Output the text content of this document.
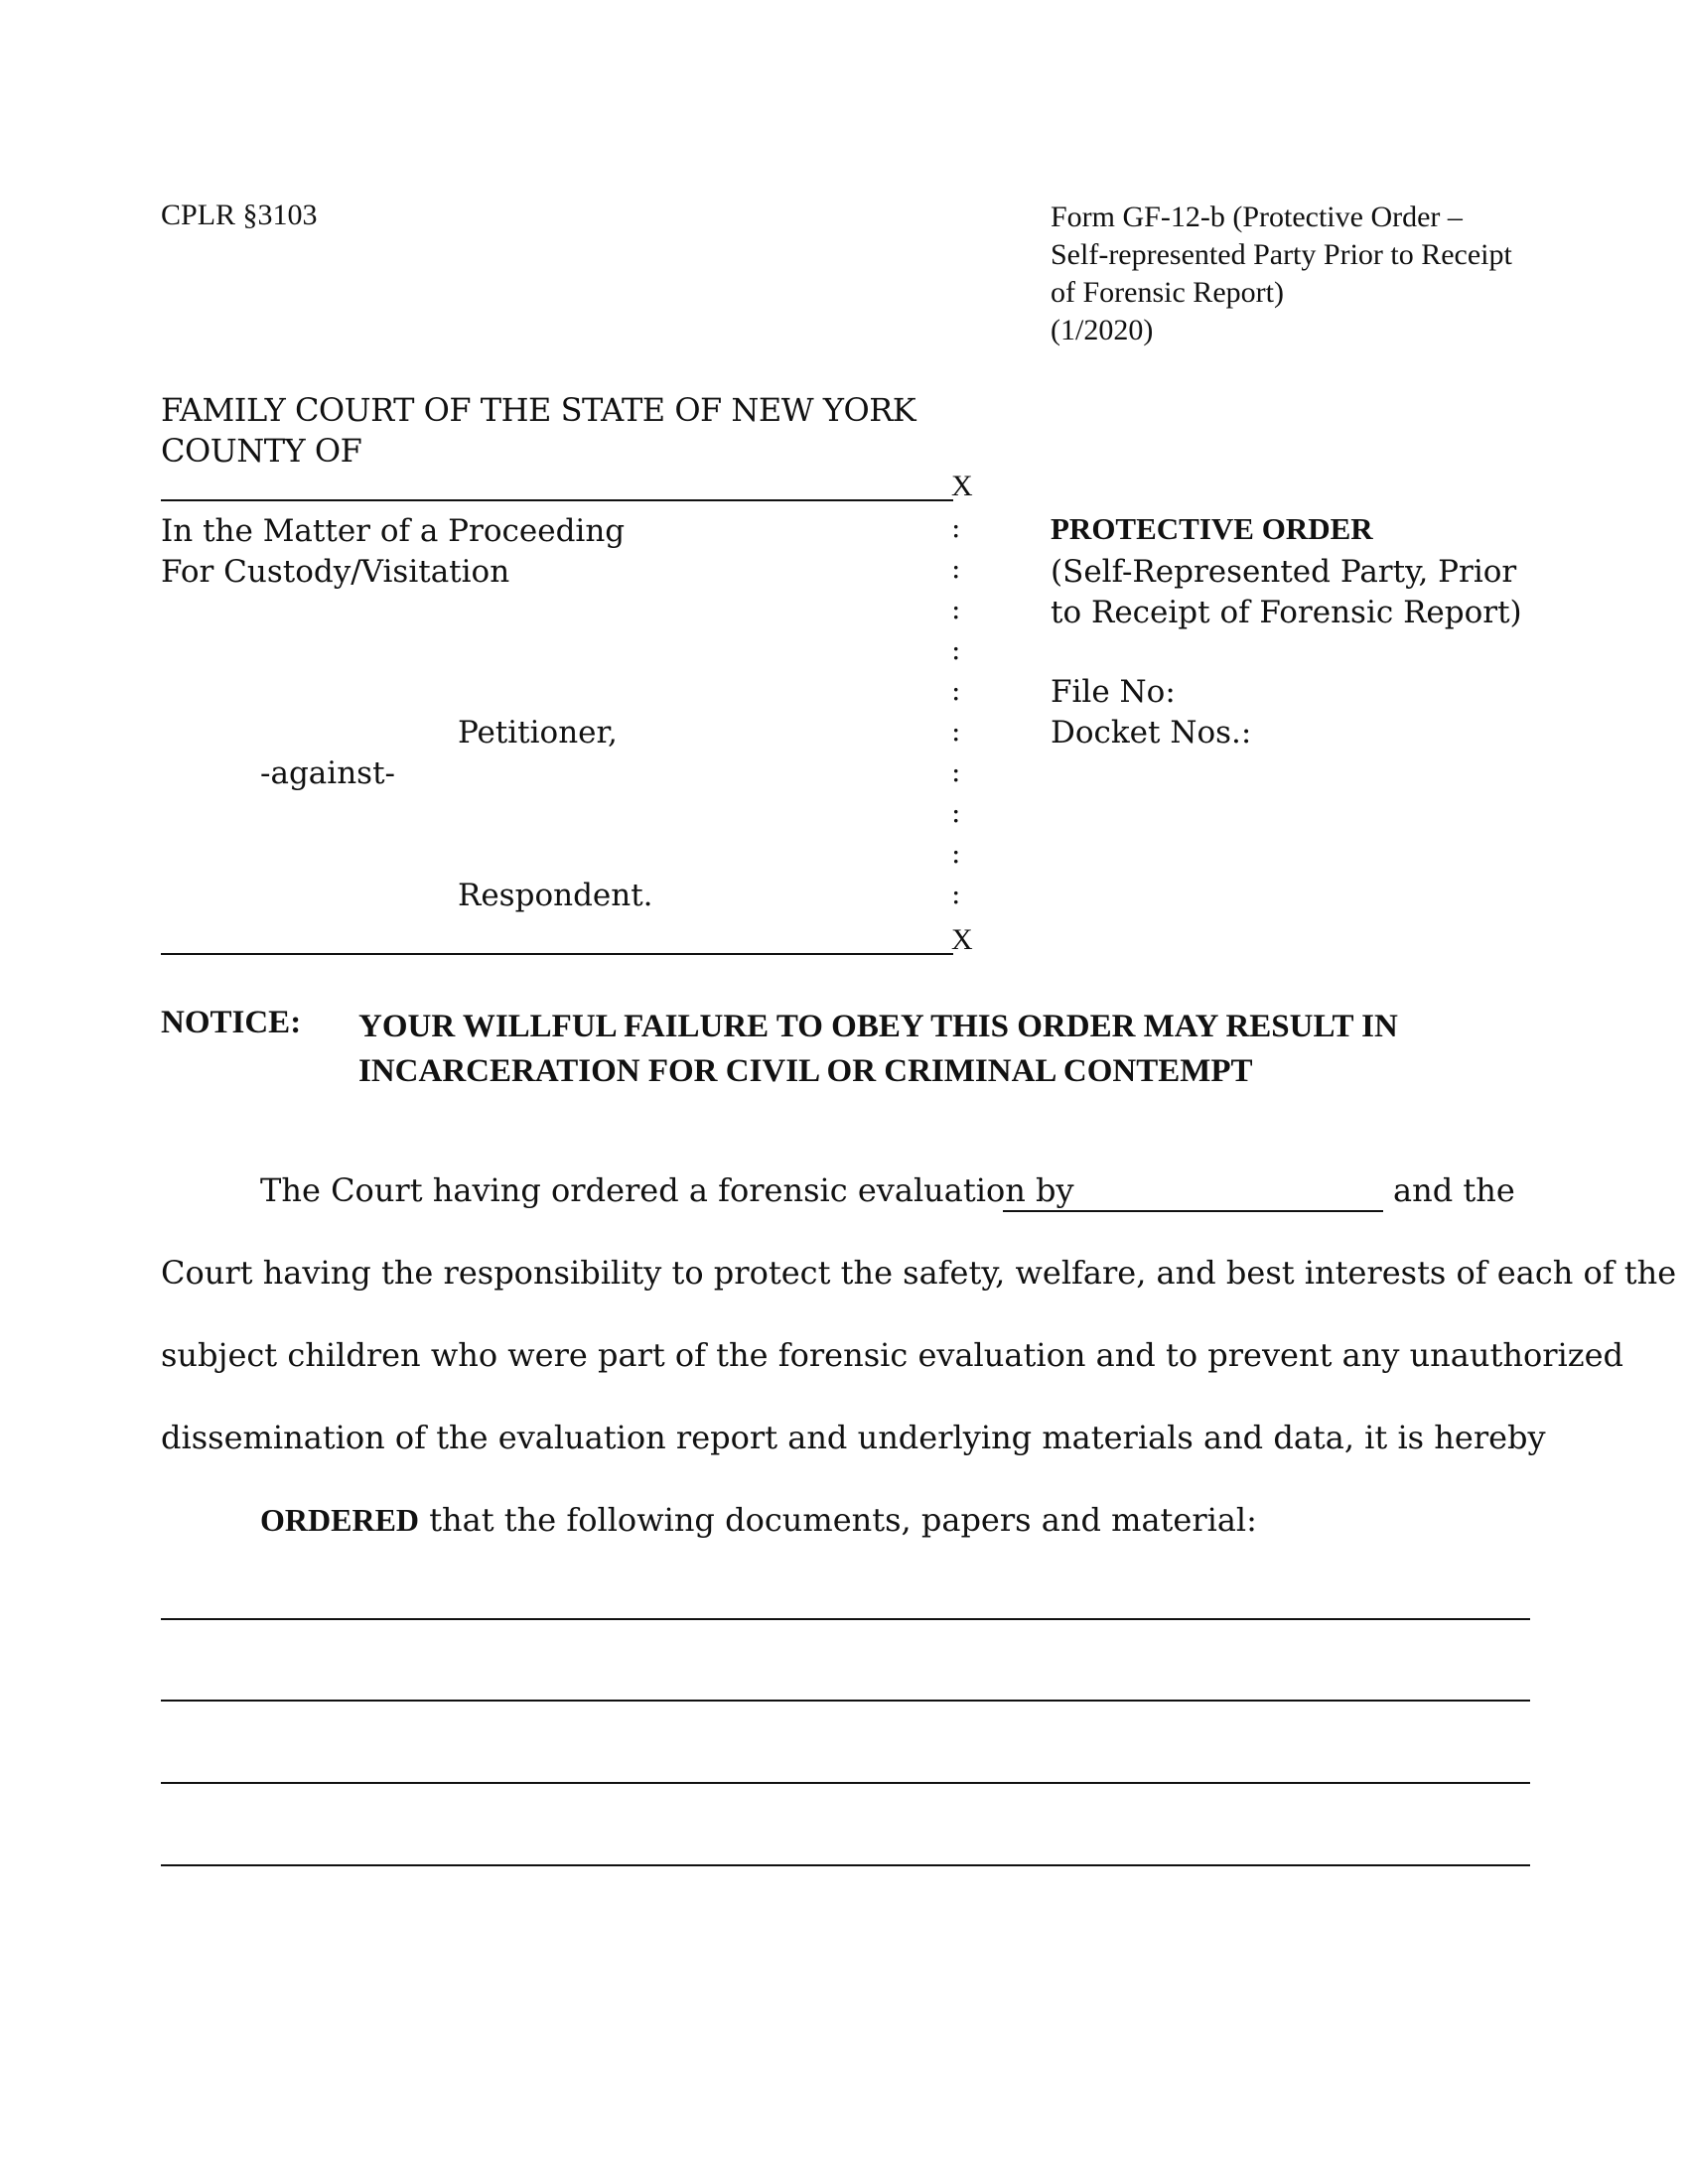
CPLR §3103	Form GF-12-b (Protective Order –
Self-represented Party Prior to Receipt
of Forensic Report)
(1/2020)
FAMILY COURT OF THE STATE OF NEW YORK
COUNTY OF
X
In the Matter of a Proceeding
For Custody/Visitation
:
:
:
:
:
:
:
:
:
:
Petitioner,
-against-
Respondent.
X
PROTECTIVE ORDER
(Self-Represented Party, Prior
to Receipt of Forensic Report)
File No:
Docket Nos.:
NOTICE: YOUR WILLFUL FAILURE TO OBEY THIS ORDER MAY RESULT IN
INCARCERATION FOR CIVIL OR CRIMINAL CONTEMPT
The Court having ordered a forensic evaluation by	and the
Court having the responsibility to protect the safety, welfare, and best interests of each of the
subject children who were part of the forensic evaluation and to prevent any unauthorized
dissemination of the evaluation report and underlying materials and data, it is hereby
ORDERED that the following documents, papers and material:
